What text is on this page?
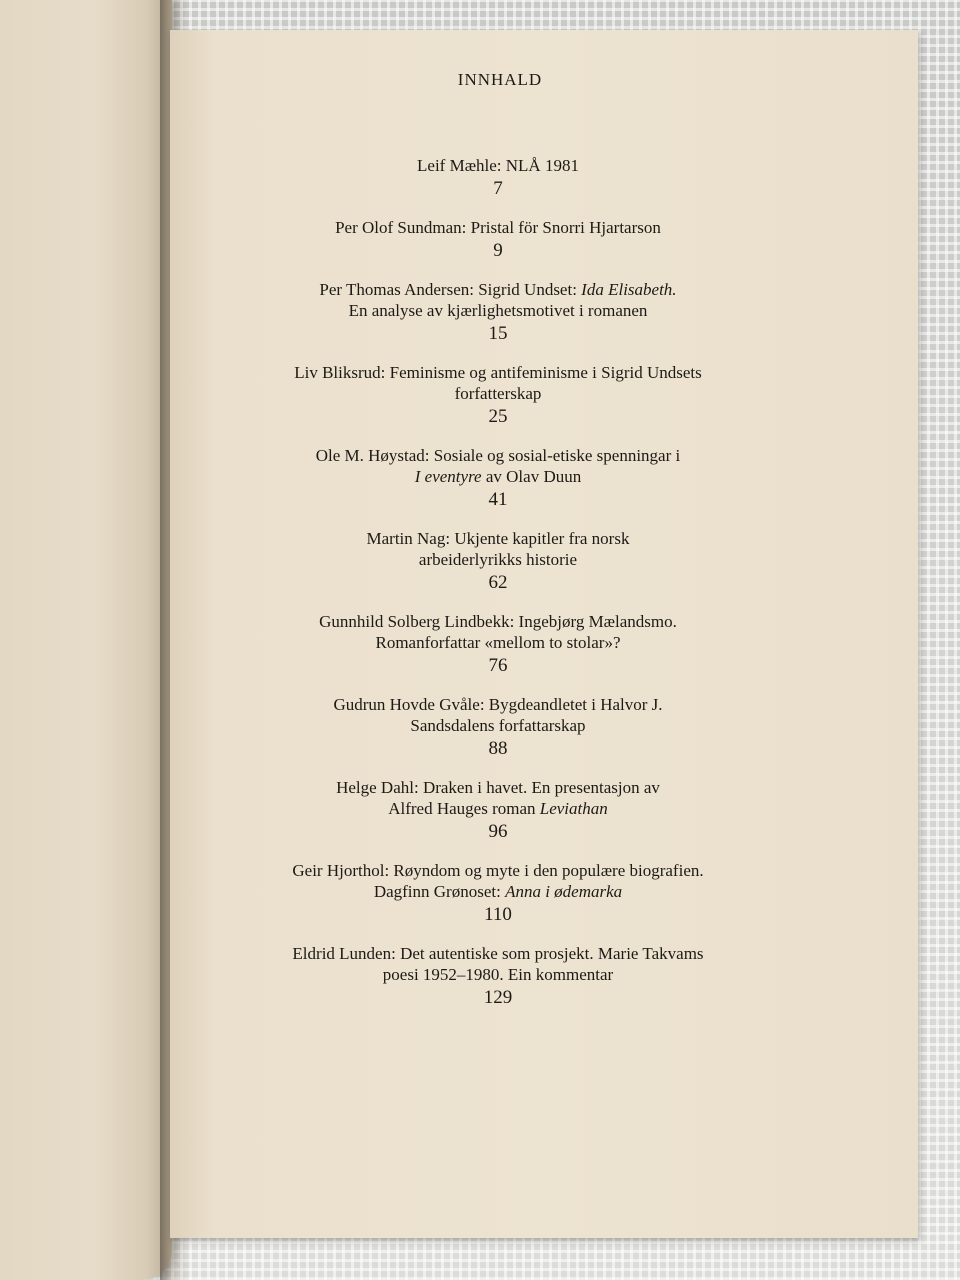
INNHALD
Leif Mæhle: NLÅ 1981
7
Per Olof Sundman: Pristal för Snorri Hjartarson
9
Per Thomas Andersen: Sigrid Undset: Ida Elisabeth.
En analyse av kjærlighetsmotivet i romanen
15
Liv Bliksrud: Feminisme og antifeminisme i Sigrid Undsets
forfatterskap
25
Ole M. Høystad: Sosiale og sosial-etiske spenningar i
I eventyre av Olav Duun
41
Martin Nag: Ukjente kapitler fra norsk
arbeiderlyrikks historie
62
Gunnhild Solberg Lindbekk: Ingebjørg Mælandsmo.
Romanforfattar «mellom to stolar»?
76
Gudrun Hovde Gvåle: Bygdeandletet i Halvor J.
Sandsdalens forfattarskap
88
Helge Dahl: Draken i havet. En presentasjon av
Alfred Hauges roman Leviathan
96
Geir Hjorthol: Røyndom og myte i den populære biografien.
Dagfinn Grønoset: Anna i ødemarka
110
Eldrid Lunden: Det autentiske som prosjekt. Marie Takvams
poesi 1952–1980. Ein kommentar
129
